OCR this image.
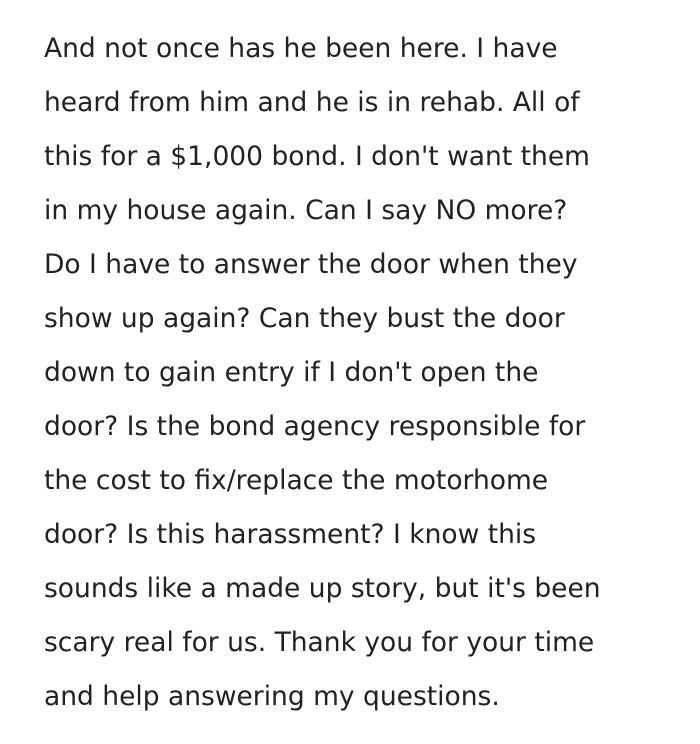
And not once has he been here. I have
heard from him and he is in rehab. All of
this for a $1,000 bond. I don't want them
in my house again. Can I say NO more?
Do I have to answer the door when they
show up again? Can they bust the door
down to gain entry if I don't open the
door? Is the bond agency responsible for
the cost to fix/replace the motorhome
door? Is this harassment? I know this
sounds like a made up story, but it's been
scary real for us. Thank you for your time
and help answering my questions.
